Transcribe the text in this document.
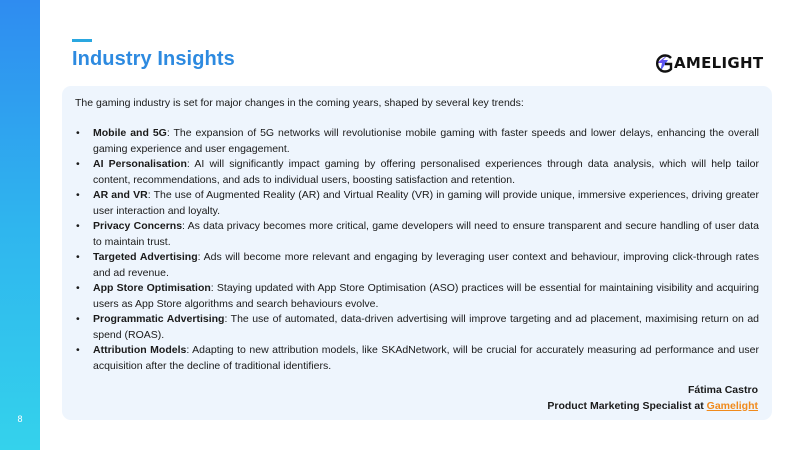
8
Industry Insights	AMELIGHT

The gaming industry is set for major changes in the coming years, shaped by several key trends:

• Mobile and 5G: The expansion of 5G networks will revolutionise mobile gaming with faster speeds and lower delays, enhancing the overall gaming experience and user engagement.
• AI Personalisation: AI will significantly impact gaming by offering personalised experiences through data analysis, which will help tailor content, recommendations, and ads to individual users, boosting satisfaction and retention.
• AR and VR: The use of Augmented Reality (AR) and Virtual Reality (VR) in gaming will provide unique, immersive experiences, driving greater user interaction and loyalty.
• Privacy Concerns: As data privacy becomes more critical, game developers will need to ensure transparent and secure handling of user data to maintain trust.
• Targeted Advertising: Ads will become more relevant and engaging by leveraging user context and behaviour, improving click-through rates and ad revenue.
• App Store Optimisation: Staying updated with App Store Optimisation (ASO) practices will be essential for maintaining visibility and acquiring users as App Store algorithms and search behaviours evolve.
• Programmatic Advertising: The use of automated, data-driven advertising will improve targeting and ad placement, maximising return on ad spend (ROAS).
• Attribution Models: Adapting to new attribution models, like SKAdNetwork, will be crucial for accurately measuring ad performance and user acquisition after the decline of traditional identifiers.
Fátima Castro
Product Marketing Specialist at Gamelight
